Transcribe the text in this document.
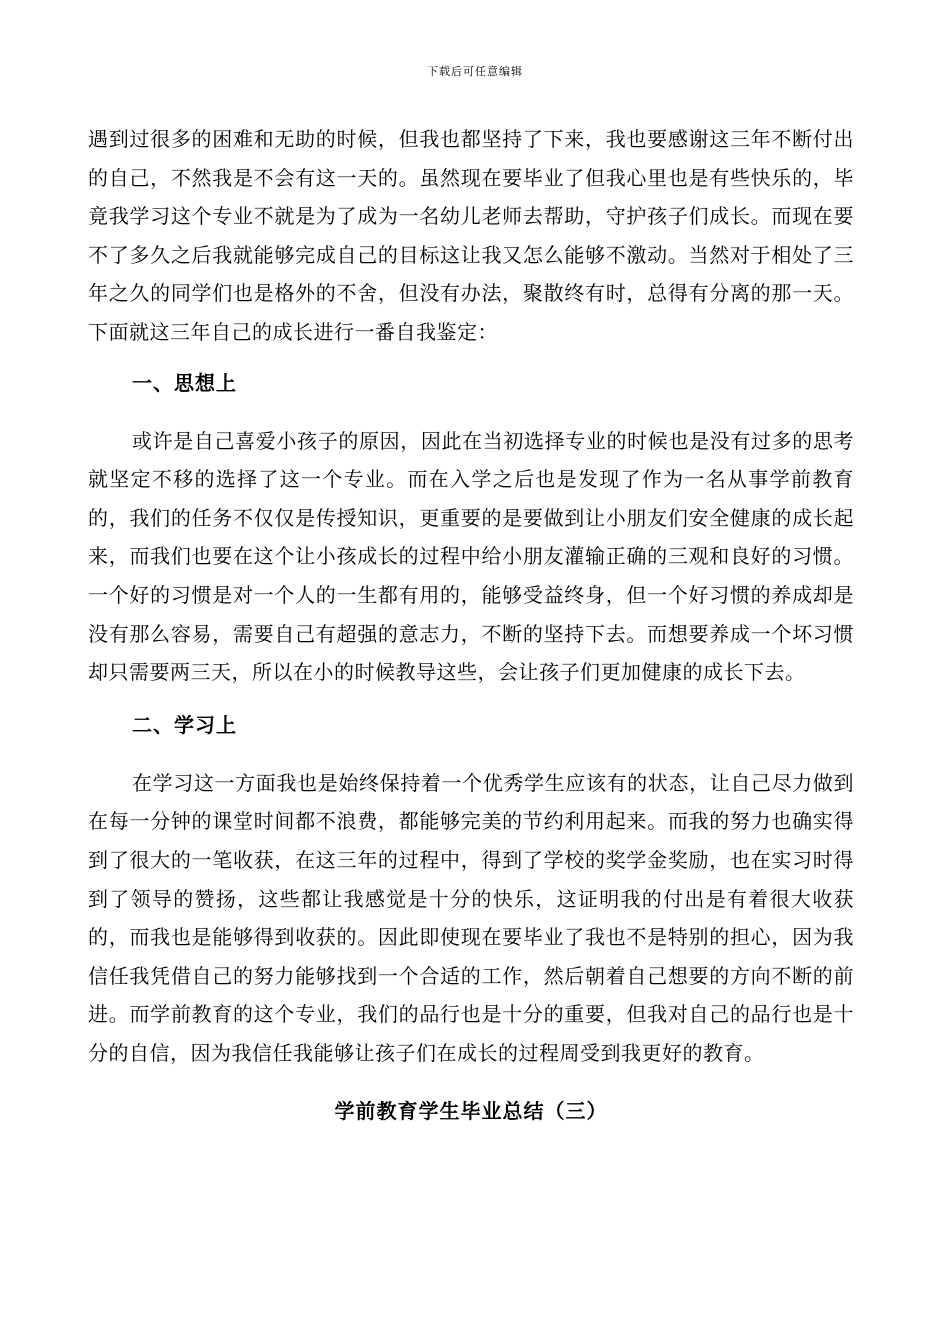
下载后可任意编辑

遇到过很多的困难和无助的时候，但我也都坚持了下来，我也要感谢这三年不断付出的自己，不然我是不会有这一天的。虽然现在要毕业了但我心里也是有些快乐的，毕竟我学习这个专业不就是为了成为一名幼儿老师去帮助，守护孩子们成长。而现在要不了多久之后我就能够完成自己的目标这让我又怎么能够不激动。当然对于相处了三年之久的同学们也是格外的不舍，但没有办法，聚散终有时，总得有分离的那一天。下面就这三年自己的成长进行一番自我鉴定：

一、思想上

或许是自己喜爱小孩子的原因，因此在当初选择专业的时候也是没有过多的思考就坚定不移的选择了这一个专业。而在入学之后也是发现了作为一名从事学前教育的，我们的任务不仅仅是传授知识，更重要的是要做到让小朋友们安全健康的成长起来，而我们也要在这个让小孩成长的过程中给小朋友灌输正确的三观和良好的习惯。一个好的习惯是对一个人的一生都有用的，能够受益终身，但一个好习惯的养成却是没有那么容易，需要自己有超强的意志力，不断的坚持下去。而想要养成一个坏习惯却只需要两三天，所以在小的时候教导这些，会让孩子们更加健康的成长下去。

二、学习上

在学习这一方面我也是始终保持着一个优秀学生应该有的状态，让自己尽力做到在每一分钟的课堂时间都不浪费，都能够完美的节约利用起来。而我的努力也确实得到了很大的一笔收获，在这三年的过程中，得到了学校的奖学金奖励，也在实习时得到了领导的赞扬，这些都让我感觉是十分的快乐，这证明我的付出是有着很大收获的，而我也是能够得到收获的。因此即使现在要毕业了我也不是特别的担心，因为我信任我凭借自己的努力能够找到一个合适的工作，然后朝着自己想要的方向不断的前进。而学前教育的这个专业，我们的品行也是十分的重要，但我对自己的品行也是十分的自信，因为我信任我能够让孩子们在成长的过程周受到我更好的教育。

学前教育学生毕业总结（三）
